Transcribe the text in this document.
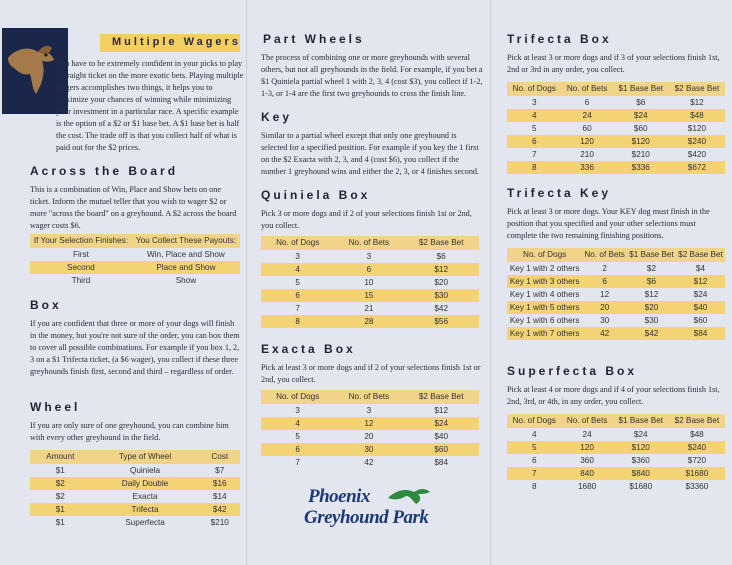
Multiple Wagers

You have to be extremely confident in your picks to play a straight ticket on the more exotic bets. Playing multiple wagers accomplishes two things, it helps you to maximize your chances of winning while minimizing your investment in a particular race. A specific example is the option of a $2 or $1 base bet. A $1 base bet is half the cost. The trade off is that you collect half of what is paid out for the $2 prices.

Across the Board

This is a combination of Win, Place and Show bets on one ticket. Inform the mutuel teller that you wish to wager $2 or more "across the board" on a greyhound. A $2 across the board wager costs $6.

If Your Selection Finishes:	You Collect These Payouts:
First	Win, Place and Show
Second	Place and Show
Third	Show
Box

If you are confident that three or more of your dogs will finish in the money, but you're not sure of the order, you can box them to cover all possible combinations. For example if you box 1, 2, 3 on a $1 Trifecta ticket, (a $6 wager), you collect if these three greyhounds finish first, second and third – regardless of order.

Wheel

If you are only sure of one greyhound, you can combine him with every other greyhound in the field.

Amount	Type of Wheel	Cost
$1	Quiniela	$7
$2	Daily Double	$16
$2	Exacta	$14
$1	Trifecta	$42
$1	Superfecta	$210
Part Wheels

The process of combining one or more greyhounds with several others, but not all greyhounds in the field. For example, if you bet a $1 Quiniela partial wheel 1 with 2, 3, 4 (cost $3), you collect if 1-2, 1-3, or 1-4 are the first two greyhounds to cross the finish line.

Key

Similar to a partial wheel except that only one greyhound is selected for a specified position. For example if you key the 1 first on the $2 Exacta with 2, 3, and 4 (cost $6), you collect if the number 1 greyhound wins and either the 2, 3, or 4 finishes second.

Quiniela Box

Pick 3 or more dogs and if 2 of your selections finish 1st or 2nd, you collect.

No. of Dogs	No. of Bets	$2 Base Bet
3	3	$6
4	6	$12
5	10	$20
6	15	$30
7	21	$42
8	28	$56
Exacta Box

Pick at least 3 or more dogs and if 2 of your selections finish 1st or 2nd, you collect.

No. of Dogs	No. of Bets	$2 Base Bet
3	3	$12
4	12	$24
5	20	$40
6	30	$60
7	42	$84
Phoenix
Greyhound Park
Trifecta Box

Pick at least 3 or more dogs and if 3 of your selections finish 1st, 2nd or 3rd in any order, you collect.

No. of Dogs	No. of Bets	$1 Base Bet	$2 Base Bet
3	6	$6	$12
4	24	$24	$48
5	60	$60	$120
6	120	$120	$240
7	210	$210	$420
8	336	$336	$672
Trifecta Key

Pick at least 3 or more dogs. Your KEY dog must finish in the position that you specified and your other selections must complete the two remaining finishing positions.

No. of Dogs	No. of Bets	$1 Base Bet	$2 Base Bet
Key 1 with 2 others	2	$2	$4
Key 1 with 3 others	6	$6	$12
Key 1 with 4 others	12	$12	$24
Key 1 with 5 others	20	$20	$40
Key 1 with 6 others	30	$30	$60
Key 1 with 7 others	42	$42	$84
Superfecta Box

Pick at least 4 or more dogs and if 4 of your selections finish 1st, 2nd, 3rd, or 4th, in any order, you collect.

No. of Dogs	No. of Bets	$1 Base Bet	$2 Base Bet
4	24	$24	$48
5	120	$120	$240
6	360	$360	$720
7	840	$840	$1680
8	1680	$1680	$3360
